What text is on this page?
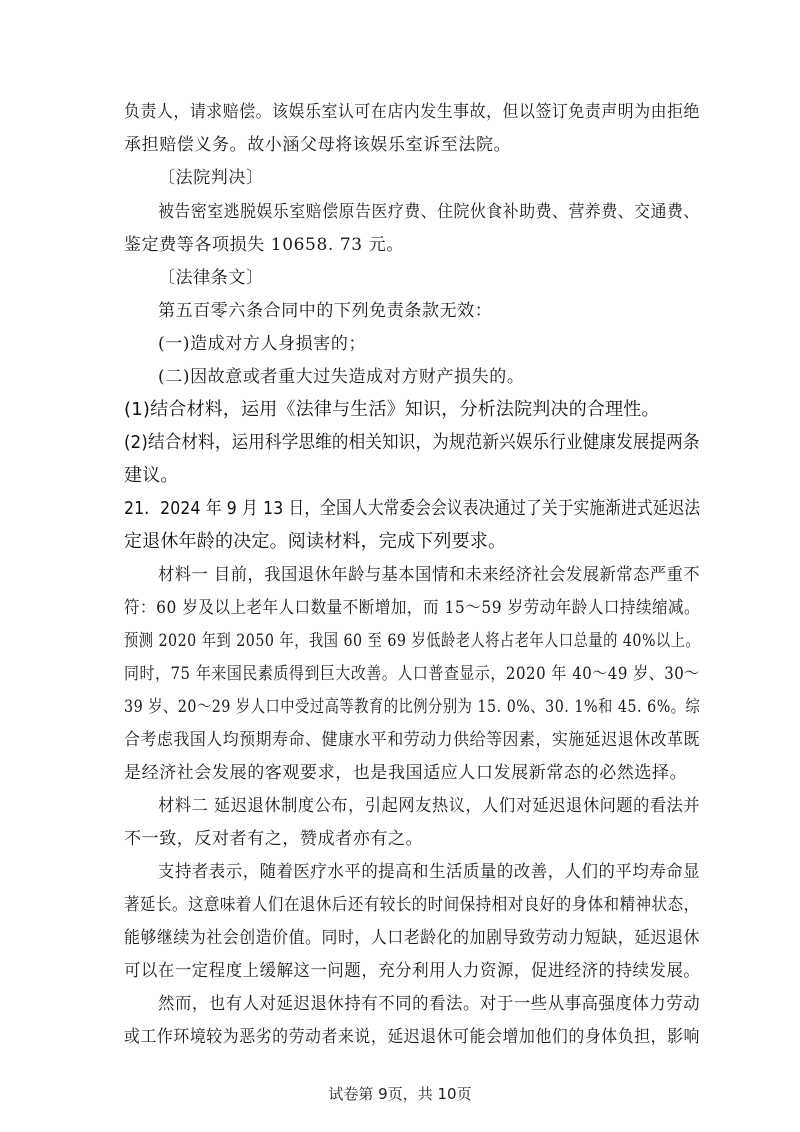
负责人，请求赔偿。该娱乐室认可在店内发生事故，但以签订免责声明为由拒绝
承担赔偿义务。故小涵父母将该娱乐室诉至法院。
〔法院判决〕
被告密室逃脱娱乐室赔偿原告医疗费、住院伙食补助费、营养费、交通费、
鉴定费等各项损失 10658. 73 元。
〔法律条文〕
第五百零六条合同中的下列免责条款无效：
(一)造成对方人身损害的；
(二)因故意或者重大过失造成对方财产损失的。
(1)结合材料，运用《法律与生活》知识，分析法院判决的合理性。
(2)结合材料，运用科学思维的相关知识，为规范新兴娱乐行业健康发展提两条
建议。
21．2024 年 9 月 13 日，全国人大常委会会议表决通过了关于实施渐进式延迟法
定退休年龄的决定。阅读材料，完成下列要求。
材料一 目前，我国退休年龄与基本国情和未来经济社会发展新常态严重不
符：60 岁及以上老年人口数量不断增加，而 15～59 岁劳动年龄人口持续缩减。
预测 2020 年到 2050 年，我国 60 至 69 岁低龄老人将占老年人口总量的 40%以上。
同时，75 年来国民素质得到巨大改善。人口普查显示，2020 年 40～49 岁、30～
39 岁、20～29 岁人口中受过高等教育的比例分别为 15. 0%、30. 1%和 45. 6%。综
合考虑我国人均预期寿命、健康水平和劳动力供给等因素，实施延迟退休改革既
是经济社会发展的客观要求，也是我国适应人口发展新常态的必然选择。
材料二 延迟退休制度公布，引起网友热议，人们对延迟退休问题的看法并
不一致，反对者有之，赞成者亦有之。
支持者表示，随着医疗水平的提高和生活质量的改善，人们的平均寿命显
著延长。这意味着人们在退休后还有较长的时间保持相对良好的身体和精神状态，
能够继续为社会创造价值。同时，人口老龄化的加剧导致劳动力短缺，延迟退休
可以在一定程度上缓解这一问题，充分利用人力资源，促进经济的持续发展。
然而，也有人对延迟退休持有不同的看法。对于一些从事高强度体力劳动
或工作环境较为恶劣的劳动者来说，延迟退休可能会增加他们的身体负担，影响
试卷第 9页，共 10页
